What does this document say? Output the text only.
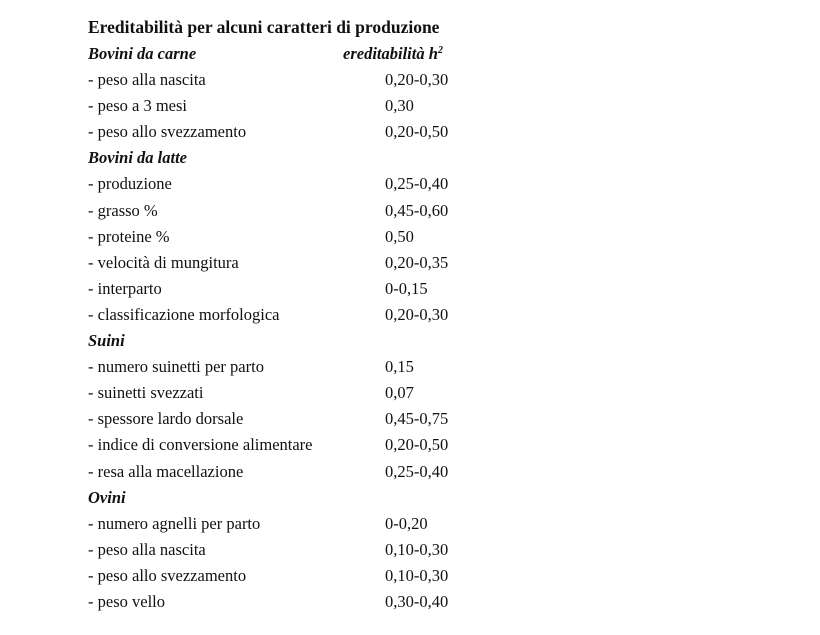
Ereditabilità per alcuni caratteri di produzione
Bovini da carne	ereditabilità $h^2$
- peso alla nascita	0,20-0,30
- peso a 3 mesi	0,30
- peso allo svezzamento	0,20-0,50
Bovini da latte
- produzione	0,25-0,40
- grasso %	0,45-0,60
- proteine %	0,50
- velocità di mungitura	0,20-0,35
- interparto	0-0,15
- classificazione morfologica	0,20-0,30
Suini
- numero suinetti per parto	0,15
- suinetti svezzati	0,07
- spessore lardo dorsale	0,45-0,75
- indice di conversione alimentare	0,20-0,50
- resa alla macellazione	0,25-0,40
Ovini
- numero agnelli per parto	0-0,20
- peso alla nascita	0,10-0,30
- peso allo svezzamento	0,10-0,30
- peso vello	0,30-0,40
